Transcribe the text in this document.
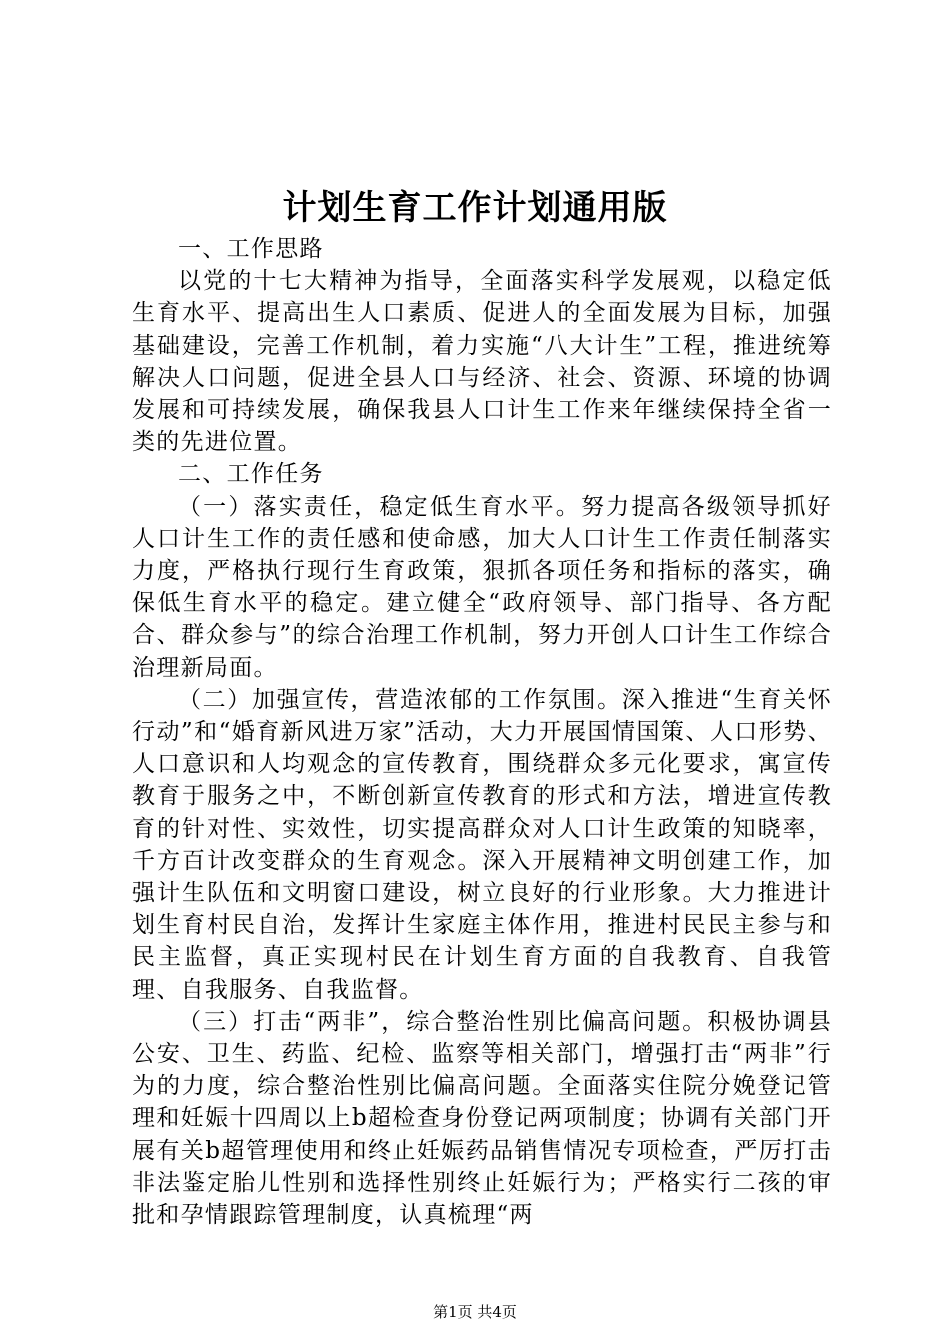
计划生育工作计划通用版

一、工作思路

以党的十七大精神为指导，全面落实科学发展观，以稳定低生育水平、提高出生人口素质、促进人的全面发展为目标，加强基础建设，完善工作机制，着力实施“八大计生”工程，推进统筹解决人口问题，促进全县人口与经济、社会、资源、环境的协调发展和可持续发展，确保我县人口计生工作来年继续保持全省一类的先进位置。

二、工作任务

（一）落实责任，稳定低生育水平。努力提高各级领导抓好人口计生工作的责任感和使命感，加大人口计生工作责任制落实力度，严格执行现行生育政策，狠抓各项任务和指标的落实，确保低生育水平的稳定。建立健全“政府领导、部门指导、各方配合、群众参与”的综合治理工作机制，努力开创人口计生工作综合治理新局面。

（二）加强宣传，营造浓郁的工作氛围。深入推进“生育关怀行动”和“婚育新风进万家”活动，大力开展国情国策、人口形势、人口意识和人均观念的宣传教育，围绕群众多元化要求，寓宣传教育于服务之中，不断创新宣传教育的形式和方法，增进宣传教育的针对性、实效性，切实提高群众对人口计生政策的知晓率，千方百计改变群众的生育观念。深入开展精神文明创建工作，加强计生队伍和文明窗口建设，树立良好的行业形象。大力推进计划生育村民自治，发挥计生家庭主体作用，推进村民民主参与和民主监督，真正实现村民在计划生育方面的自我教育、自我管理、自我服务、自我监督。

（三）打击“两非”，综合整治性别比偏高问题。积极协调县公安、卫生、药监、纪检、监察等相关部门，增强打击“两非”行为的力度，综合整治性别比偏高问题。全面落实住院分娩登记管理和妊娠十四周以上b超检查身份登记两项制度；协调有关部门开展有关b超管理使用和终止妊娠药品销售情况专项检查，严厉打击非法鉴定胎儿性别和选择性别终止妊娠行为；严格实行二孩的审批和孕情跟踪管理制度，认真梳理“两

第1页 共4页
